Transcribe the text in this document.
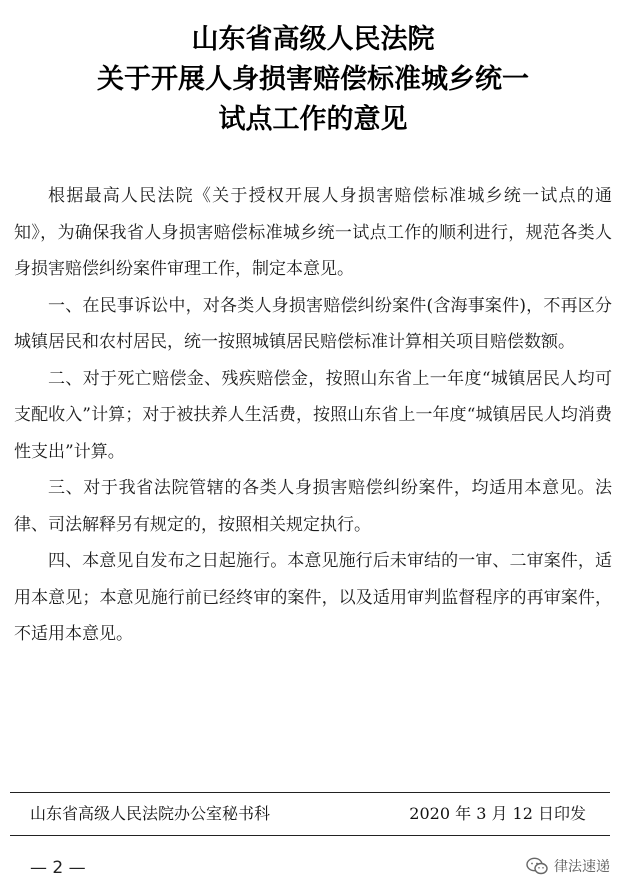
山东省高级人民法院
关于开展人身损害赔偿标准城乡统一
试点工作的意见

根据最高人民法院《关于授权开展人身损害赔偿标准城乡统一试点的通知》，为确保我省人身损害赔偿标准城乡统一试点工作的顺利进行，规范各类人身损害赔偿纠纷案件审理工作，制定本意见。

一、在民事诉讼中，对各类人身损害赔偿纠纷案件(含海事案件)，不再区分城镇居民和农村居民，统一按照城镇居民赔偿标准计算相关项目赔偿数额。

二、对于死亡赔偿金、残疾赔偿金，按照山东省上一年度“城镇居民人均可支配收入”计算；对于被扶养人生活费，按照山东省上一年度“城镇居民人均消费性支出”计算。

三、对于我省法院管辖的各类人身损害赔偿纠纷案件，均适用本意见。法律、司法解释另有规定的，按照相关规定执行。

四、本意见自发布之日起施行。本意见施行后未审结的一审、二审案件，适用本意见；本意见施行前已经终审的案件，以及适用审判监督程序的再审案件，不适用本意见。

山东省高级人民法院办公室秘书科	2020 年 3 月 12 日印发
— 2 —	律法速递
